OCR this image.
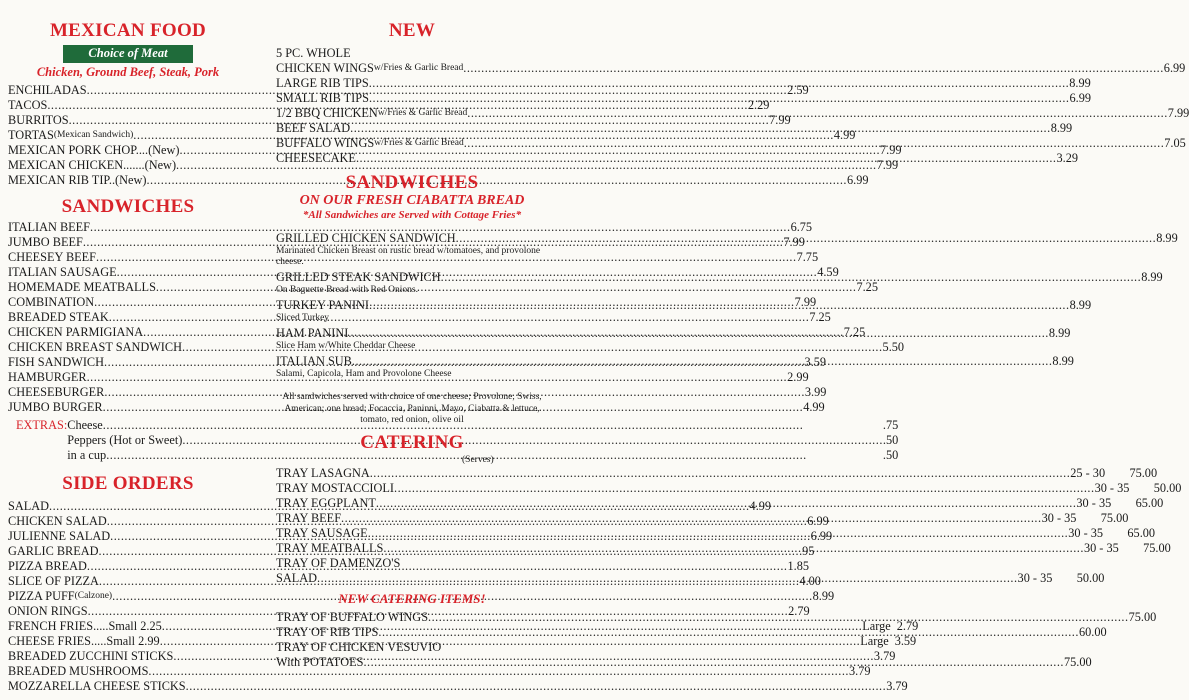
MEXICAN FOOD
Choice of Meat
Chicken, Ground Beef, Steak, Pork
ENCHILADAS .....	2.59
TACOS .....	2.29
BURRITOS .....	7.99
TORTAS (Mexican Sandwich) .....	4.99
MEXICAN PORK CHOP....(New) .....	7.99
MEXICAN CHICKEN.......(New) .....	7.99
MEXICAN RIB TIP..(New) .....	6.99
SANDWICHES
ITALIAN BEEF .....	6.75
JUMBO BEEF .....	7.99
CHEESEY BEEF .....	7.75
ITALIAN SAUSAGE .....	4.59
HOMEMADE MEATBALLS .....	7.25
COMBINATION .....	7.99
BREADED STEAK .....	7.25
CHICKEN PARMIGIANA .....	7.25
CHICKEN BREAST SANDWICH .....	5.50
FISH SANDWICH .....	3.59
HAMBURGER .....	2.99
CHEESEBURGER .....	3.99
JUMBO BURGER .....	4.99
EXTRAS: Cheese .....	.75
Peppers (Hot or Sweet) .....	.50
in a cup .....	.50
SIDE ORDERS
SALAD .....	4.99
CHICKEN SALAD .....	6.99
JULIENNE SALAD .....	6.99
GARLIC BREAD .....	.95
PIZZA BREAD .....	1.85
SLICE OF PIZZA .....	4.00
PIZZA PUFF (Calzone) .....	8.99
ONION RINGS .....	2.79
FRENCH FRIES.....Small 2.25 .....	Large 2.79
CHEESE FRIES.....Small 2.99 .....	Large 3.59
BREADED ZUCCHINI STICKS .....	3.79
BREADED MUSHROOMS .....	3.79
MOZZARELLA CHEESE STICKS .....	3.79
NEW
5 PC. WHOLE
CHICKEN WINGS w/Fries & Garlic Bread .....	6.99
LARGE RIB TIPS .....	8.99
SMALL RIB TIPS .....	6.99
1/2 BBQ CHICKEN w/Fries & Garlic Bread .....	7.99
BEEF SALAD .....	8.99
BUFFALO WINGS w/Fries & Garlic Bread .....	7.05
CHEESECAKE .....	3.29
SANDWICHES
ON OUR FRESH CIABATTA BREAD
*All Sandwiches are Served with Cottage Fries*
GRILLED CHICKEN SANDWICH .....	8.99
Marinated Chicken Breast on rustic bread w/tomatoes, and provolone cheese.
GRILLED STEAK SANDWICH .....	8.99
On Baguette Bread with Red Onions.
TURKEY PANINI .....	8.99
Sliced Turkey
HAM PANINI .....	8.99
Slice Ham w/White Cheddar Cheese
ITALIAN SUB .....	8.99
Salami, Capicola, Ham and Provolone Cheese
All sandwiches served with choice of one cheese; Provolone, Swiss, American; one bread; Focaccia, Paninni, Mayo, Ciabatta & lettuce, tomato, red onion, olive oil
CATERING
(Serves)
TRAY LASAGNA .....	25 - 30	75.00
TRAY MOSTACCIOLI .....	30 - 35	50.00
TRAY EGGPLANT .....	30 - 35	65.00
TRAY BEEF .....	30 - 35	75.00
TRAY SAUSAGE .....	30 - 35	65.00
TRAY MEATBALLS .....	30 - 35	75.00
TRAY OF DAMENZO'S
SALAD .....	30 - 35	50.00
NEW CATERING ITEMS!
TRAY OF BUFFALO WINGS .....	75.00
TRAY OF RIB TIPS .....	60.00
TRAY OF CHICKEN VESUVIO
With POTATOES .....	75.00
